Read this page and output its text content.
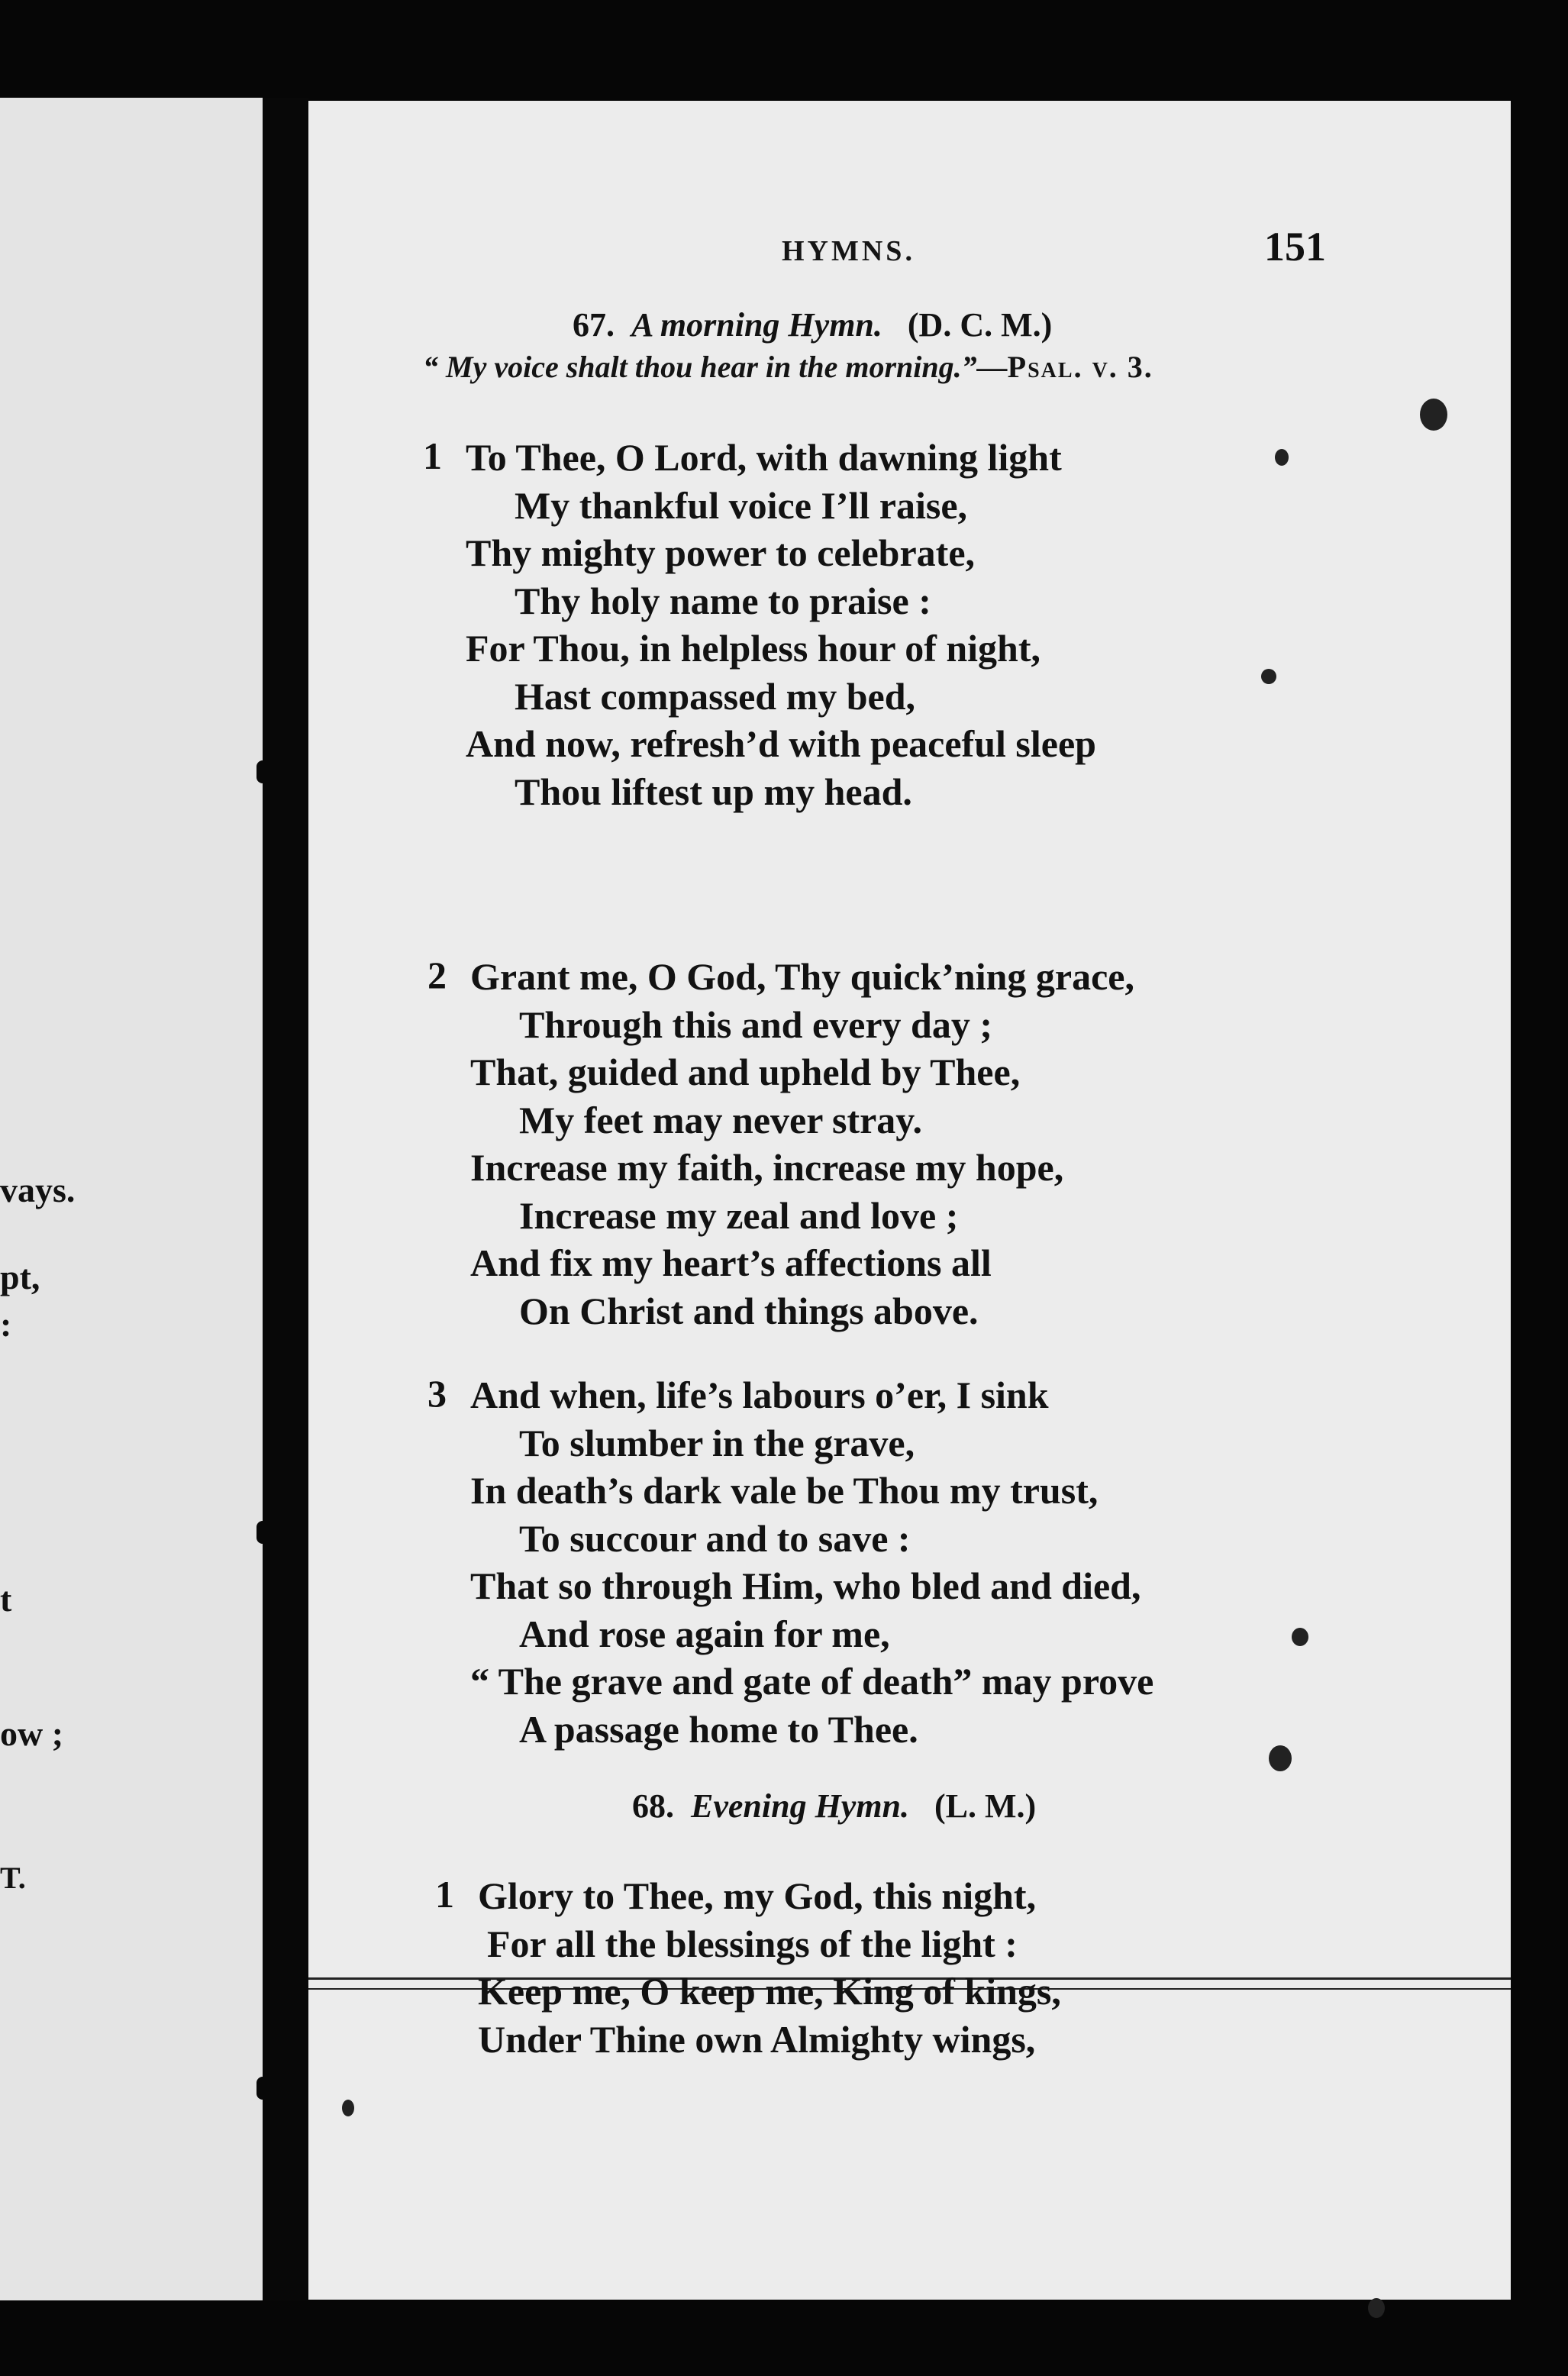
vays.
pt,
:
t
ow ;
T.
HYMNS.	151
67. A morning Hymn. (D. C. M.)
“ My voice shalt thou hear in the morning.”—Psal. v. 3.
1 To Thee, O Lord, with dawning light
My thankful voice I’ll raise,
Thy mighty power to celebrate,
Thy holy name to praise :
For Thou, in helpless hour of night,
Hast compassed my bed,
And now, refresh’d with peaceful sleep
Thou liftest up my head.
2 Grant me, O God, Thy quick’ning grace,
Through this and every day ;
That, guided and upheld by Thee,
My feet may never stray.
Increase my faith, increase my hope,
Increase my zeal and love ;
And fix my heart’s affections all
On Christ and things above.
3 And when, life’s labours o’er, I sink
To slumber in the grave,
In death’s dark vale be Thou my trust,
To succour and to save :
That so through Him, who bled and died,
And rose again for me,
“ The grave and gate of death” may prove
A passage home to Thee.
68. Evening Hymn. (L. M.)
1 Glory to Thee, my God, this night,
For all the blessings of the light :
Keep me, O keep me, King of kings,
Under Thine own Almighty wings,
